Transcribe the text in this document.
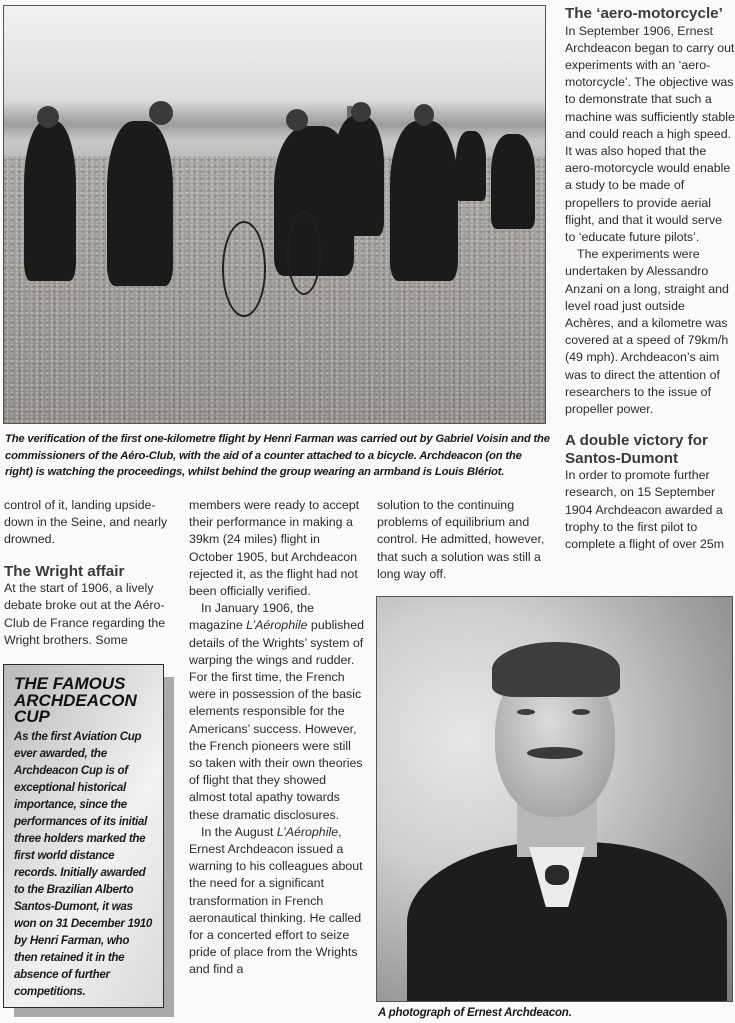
The verification of the first one-kilometre flight by Henri Farman was carried out by Gabriel Voisin and the commissioners of the Aéro-Club, with the aid of a counter attached to a bicycle. Archdeacon (on the right) is watching the proceedings, whilst behind the group wearing an armband is Louis Blériot.
The ‘aero-motorcycle’

In September 1906, Ernest Archdeacon began to carry out experiments with an ‘aero-motorcycle’. The objective was to demonstrate that such a machine was sufficiently stable and could reach a high speed. It was also hoped that the aero-motorcycle would enable a study to be made of propellers to provide aerial flight, and that it would serve to ‘educate future pilots’.

The experiments were undertaken by Alessandro Anzani on a long, straight and level road just outside Achères, and a kilometre was covered at a speed of 79km/h (49 mph). Archdeacon’s aim was to direct the attention of researchers to the issue of propeller power.

A double victory for Santos-Dumont

In order to promote further research, on 15 September 1904 Archdeacon awarded a trophy to the first pilot to complete a flight of over 25m

control of it, landing upside-down in the Seine, and nearly drowned.

The Wright affair

At the start of 1906, a lively debate broke out at the Aéro-Club de France regarding the Wright brothers. Some

THE FAMOUS ARCHDEACON CUP
As the first Aviation Cup ever awarded, the Archdeacon Cup is of exceptional historical importance, since the performances of its initial three holders marked the first world distance records. Initially awarded to the Brazilian Alberto Santos-Dumont, it was won on 31 December 1910 by Henri Farman, who then retained it in the absence of further competitions.

members were ready to accept their performance in making a 39km (24 miles) flight in October 1905, but Archdeacon rejected it, as the flight had not been officially verified.

In January 1906, the magazine L’Aérophile published details of the Wrights’ system of warping the wings and rudder. For the first time, the French were in possession of the basic elements responsible for the Americans’ success. However, the French pioneers were still so taken with their own theories of flight that they showed almost total apathy towards these dramatic disclosures.

In the August L’Aérophile, Ernest Archdeacon issued a warning to his colleagues about the need for a significant transformation in French aeronautical thinking. He called for a concerted effort to seize pride of place from the Wrights and find a

solution to the continuing problems of equilibrium and control. He admitted, however, that such a solution was still a long way off.

A photograph of Ernest Archdeacon.
